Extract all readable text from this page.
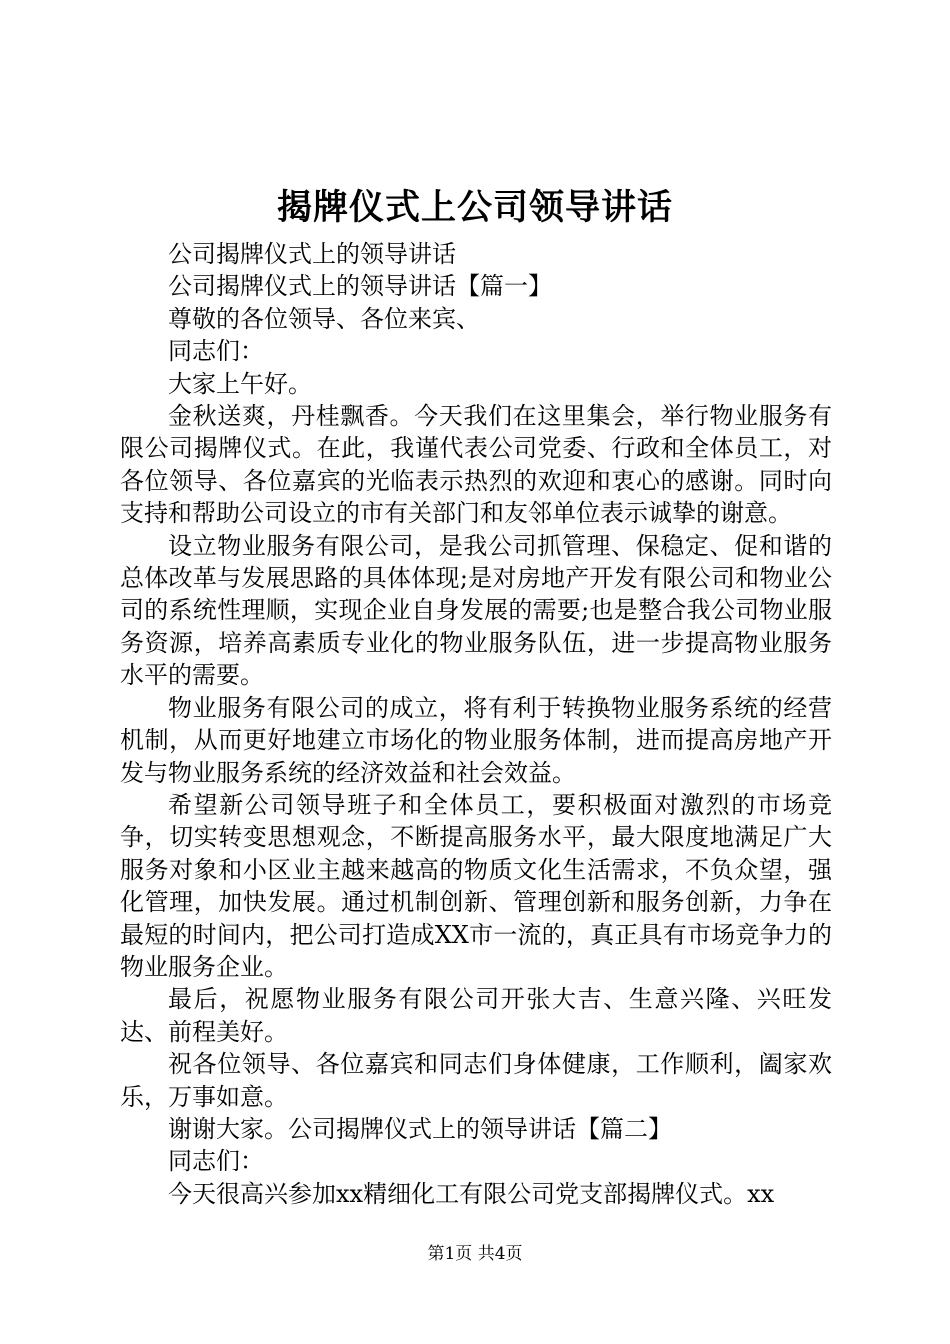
揭牌仪式上公司领导讲话

公司揭牌仪式上的领导讲话

公司揭牌仪式上的领导讲话【篇一】

尊敬的各位领导、各位来宾、

同志们：

大家上午好。

金秋送爽，丹桂飘香。今天我们在这里集会，举行物业服务有限公司揭牌仪式。在此，我谨代表公司党委、行政和全体员工，对各位领导、各位嘉宾的光临表示热烈的欢迎和衷心的感谢。同时向支持和帮助公司设立的市有关部门和友邻单位表示诚挚的谢意。

设立物业服务有限公司，是我公司抓管理、保稳定、促和谐的总体改革与发展思路的具体体现;是对房地产开发有限公司和物业公司的系统性理顺，实现企业自身发展的需要;也是整合我公司物业服务资源，培养高素质专业化的物业服务队伍，进一步提高物业服务水平的需要。

物业服务有限公司的成立，将有利于转换物业服务系统的经营机制，从而更好地建立市场化的物业服务体制，进而提高房地产开发与物业服务系统的经济效益和社会效益。

希望新公司领导班子和全体员工，要积极面对激烈的市场竞争，切实转变思想观念，不断提高服务水平，最大限度地满足广大服务对象和小区业主越来越高的物质文化生活需求，不负众望，强化管理，加快发展。通过机制创新、管理创新和服务创新，力争在最短的时间内，把公司打造成XX市一流的，真正具有市场竞争力的物业服务企业。

最后，祝愿物业服务有限公司开张大吉、生意兴隆、兴旺发达、前程美好。

祝各位领导、各位嘉宾和同志们身体健康，工作顺利，阖家欢乐，万事如意。

谢谢大家。公司揭牌仪式上的领导讲话【篇二】

同志们：

今天很高兴参加xx精细化工有限公司党支部揭牌仪式。xx

第1页 共4页
